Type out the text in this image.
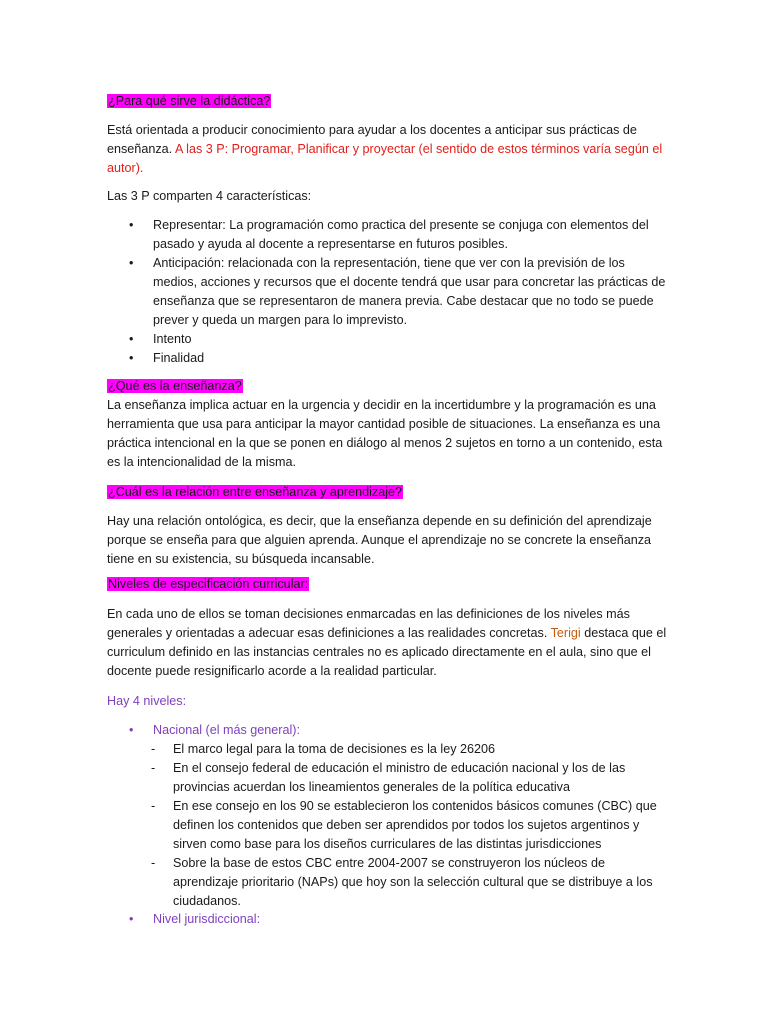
¿Para qué sirve la didáctica?

Está orientada a producir conocimiento para ayudar a los docentes a anticipar sus prácticas de enseñanza. A las 3 P: Programar, Planificar y proyectar (el sentido de estos términos varía según el autor).

Las 3 P comparten 4 características:

• Representar: La programación como practica del presente se conjuga con elementos del pasado y ayuda al docente a representarse en futuros posibles.
• Anticipación: relacionada con la representación, tiene que ver con la previsión de los medios, acciones y recursos que el docente tendrá que usar para concretar las prácticas de enseñanza que se representaron de manera previa. Cabe destacar que no todo se puede prever y queda un margen para lo imprevisto.
• Intento
• Finalidad

¿Qué es la enseñanza?

La enseñanza implica actuar en la urgencia y decidir en la incertidumbre y la programación es una herramienta que usa para anticipar la mayor cantidad posible de situaciones. La enseñanza es una práctica intencional en la que se ponen en diálogo al menos 2 sujetos en torno a un contenido, esta es la intencionalidad de la misma.

¿Cuál es la relación entre enseñanza y aprendizaje?

Hay una relación ontológica, es decir, que la enseñanza depende en su definición del aprendizaje porque se enseña para que alguien aprenda. Aunque el aprendizaje no se concrete la enseñanza tiene en su existencia, su búsqueda incansable.

Niveles de especificación curricular:

En cada uno de ellos se toman decisiones enmarcadas en las definiciones de los niveles más generales y orientadas a adecuar esas definiciones a las realidades concretas. Terigi destaca que el curriculum definido en las instancias centrales no es aplicado directamente en el aula, sino que el docente puede resignificarlo acorde a la realidad particular.

Hay 4 niveles:

• Nacional (el más general):
- El marco legal para la toma de decisiones es la ley 26206
- En el consejo federal de educación el ministro de educación nacional y los de las provincias acuerdan los lineamientos generales de la política educativa
- En ese consejo en los 90 se establecieron los contenidos básicos comunes (CBC) que definen los contenidos que deben ser aprendidos por todos los sujetos argentinos y sirven como base para los diseños curriculares de las distintas jurisdicciones
- Sobre la base de estos CBC entre 2004-2007 se construyeron los núcleos de aprendizaje prioritario (NAPs) que hoy son la selección cultural que se distribuye a los ciudadanos.
• Nivel jurisdiccional:
